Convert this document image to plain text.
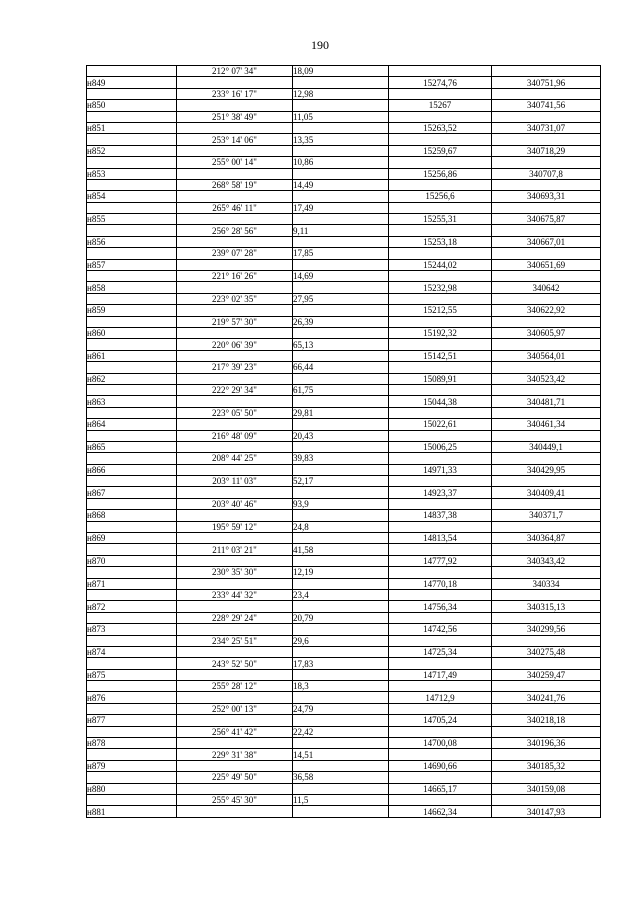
190
	212° 07' 34"	18,09		
н849			15274,76	340751,96
	233° 16' 17"	12,98		
н850			15267	340741,56
	251° 38' 49"	11,05		
н851			15263,52	340731,07
	253° 14' 06"	13,35		
н852			15259,67	340718,29
	255° 00' 14"	10,86		
н853			15256,86	340707,8
	268° 58' 19"	14,49		
н854			15256,6	340693,31
	265° 46' 11"	17,49		
н855			15255,31	340675,87
	256° 28' 56"	9,11		
н856			15253,18	340667,01
	239° 07' 28"	17,85		
н857			15244,02	340651,69
	221° 16' 26"	14,69		
н858			15232,98	340642
	223° 02' 35"	27,95		
н859			15212,55	340622,92
	219° 57' 30"	26,39		
н860			15192,32	340605,97
	220° 06' 39"	65,13		
н861			15142,51	340564,01
	217° 39' 23"	66,44		
н862			15089,91	340523,42
	222° 29' 34"	61,75		
н863			15044,38	340481,71
	223° 05' 50"	29,81		
н864			15022,61	340461,34
	216° 48' 09"	20,43		
н865			15006,25	340449,1
	208° 44' 25"	39,83		
н866			14971,33	340429,95
	203° 11' 03"	52,17		
н867			14923,37	340409,41
	203° 40' 46"	93,9		
н868			14837,38	340371,7
	195° 59' 12"	24,8		
н869			14813,54	340364,87
	211° 03' 21"	41,58		
н870			14777,92	340343,42
	230° 35' 30"	12,19		
н871			14770,18	340334
	233° 44' 32"	23,4		
н872			14756,34	340315,13
	228° 29' 24"	20,79		
н873			14742,56	340299,56
	234° 25' 51"	29,6		
н874			14725,34	340275,48
	243° 52' 50"	17,83		
н875			14717,49	340259,47
	255° 28' 12"	18,3		
н876			14712,9	340241,76
	252° 00' 13"	24,79		
н877			14705,24	340218,18
	256° 41' 42"	22,42		
н878			14700,08	340196,36
	229° 31' 38"	14,51		
н879			14690,66	340185,32
	225° 49' 50"	36,58		
н880			14665,17	340159,08
	255° 45' 30"	11,5		
н881			14662,34	340147,93
